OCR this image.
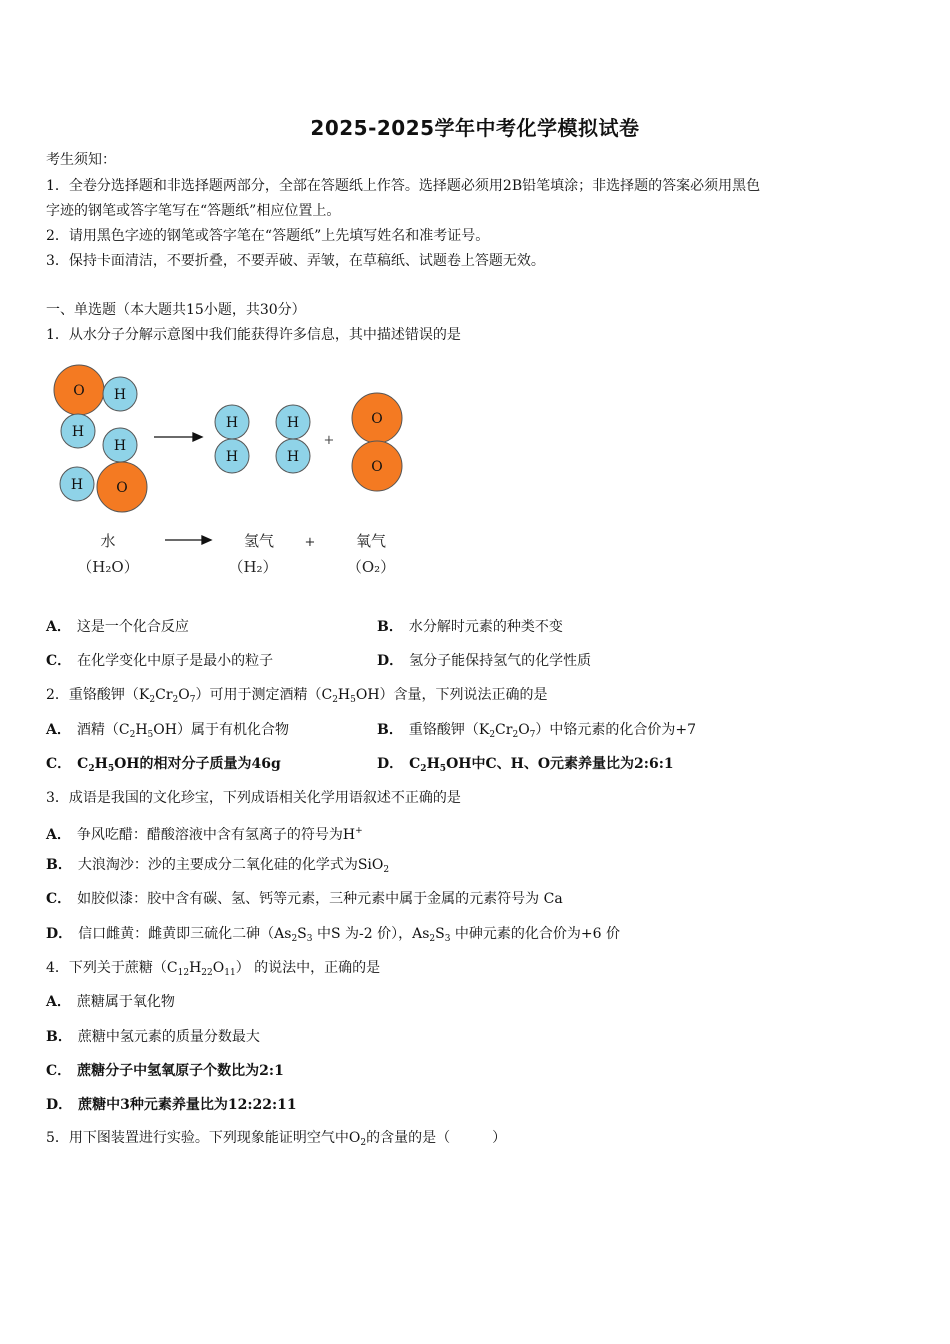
2025-2025学年中考化学模拟试卷
考生须知：
1．全卷分选择题和非选择题两部分，全部在答题纸上作答。选择题必须用2B铅笔填涂；非选择题的答案必须用黑色
字迹的钢笔或答字笔写在“答题纸”相应位置上。
2．请用黑色字迹的钢笔或答字笔在“答题纸”上先填写姓名和准考证号。
3．保持卡面清洁，不要折叠，不要弄破、弄皱，在草稿纸、试题卷上答题无效。
一、单选题（本大题共15小题，共30分）
1．从水分子分解示意图中我们能获得许多信息，其中描述错误的是
O H
H
H
O
H
H
H
H
H
O
O
+
水
（H₂O）
氢气
（H₂）
+	氧气
（O₂）
A． 这是一个化合反应	B． 水分解时元素的种类不变
C． 在化学变化中原子是最小的粒子	D． 氢分子能保持氢气的化学性质
2．重铬酸钾$(K_2Cr_2O_7)$可用于测定酒精$(C_2H_5OH)$含量，下列说法正确的是
A． 酒精$(C_2H_5OH)$属于有机化合物	B． 重铬酸钾$(K_2Cr_2O_7)$中铬元素的化合价为+7
C． $C_2H_5OH$的相对分子质量为46g	D． $C_2H_5OH$中C、H、O元素养量比为2:6:1
3．成语是我国的文化珍宝，下列成语相关化学用语叙述不正确的是
A． 争风吃醋：醋酸溶液中含有氢离子的符号为H+
B． 大浪淘沙：沙的主要成分二氧化硅的化学式为SiO$_2$
C． 如胶似漆：胶中含有碳、氢、钙等元素，三种元素中属于金属的元素符号为 Ca
D． 信口雌黄：雌黄即三硫化二砷（$As_2S_3$ 中S 为-2 价），$As_2S_3$ 中砷元素的化合价为+6 价
4．下列关于蔗糖$(C_{12}H_{22}O_{11})$ 的说法中，正确的是
A． 蔗糖属于氧化物
B． 蔗糖中氢元素的质量分数最大
C． 蔗糖分子中氢氧原子个数比为2:1
D． 蔗糖中3种元素养量比为12:22:11
5．用下图装置进行实验。下列现象能证明空气中$O_2$的含量的是（　　　）
